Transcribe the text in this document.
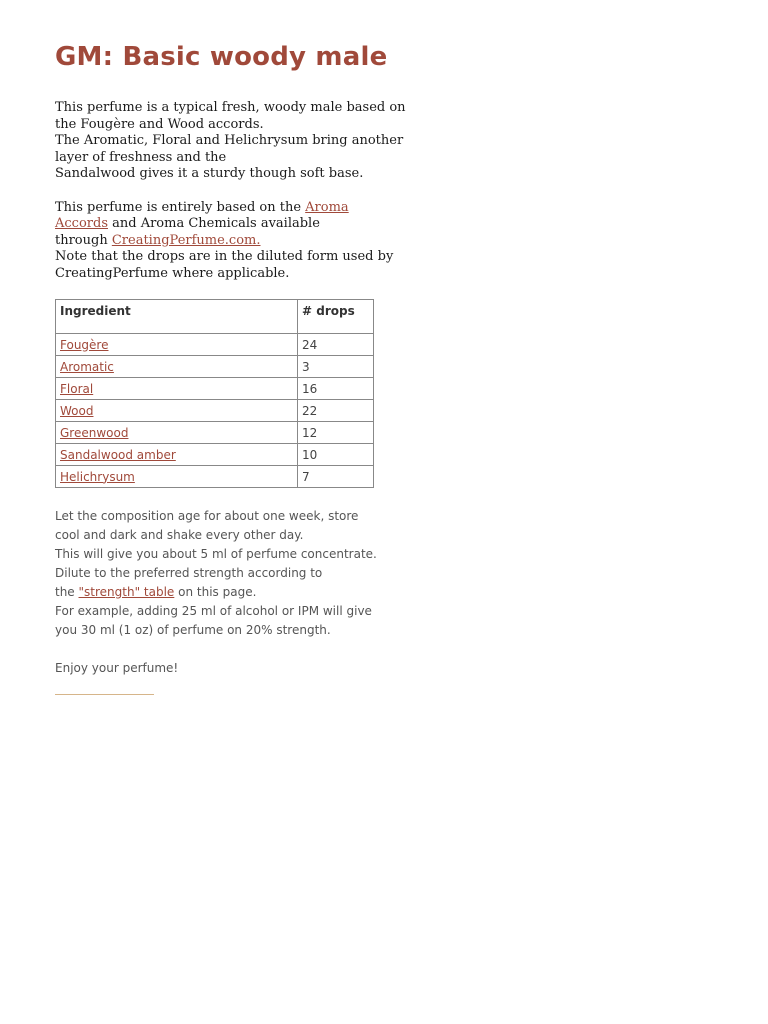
GM: Basic woody male

This perfume is a typical fresh, woody male based on
the Fougère and Wood accords.
The Aromatic, Floral and Helichrysum bring another
layer of freshness and the
Sandalwood gives it a sturdy though soft base.

This perfume is entirely based on the Aroma
Accords and Aroma Chemicals available
through CreatingPerfume.com.
Note that the drops are in the diluted form used by
CreatingPerfume where applicable.

Ingredient	# drops
Fougère	24
Aromatic	3
Floral	16
Wood	22
Greenwood	12
Sandalwood amber	10
Helichrysum	7

Let the composition age for about one week, store
cool and dark and shake every other day.
This will give you about 5 ml of perfume concentrate.
Dilute to the preferred strength according to
the "strength" table on this page.
For example, adding 25 ml of alcohol or IPM will give
you 30 ml (1 oz) of perfume on 20% strength.

Enjoy your perfume!
